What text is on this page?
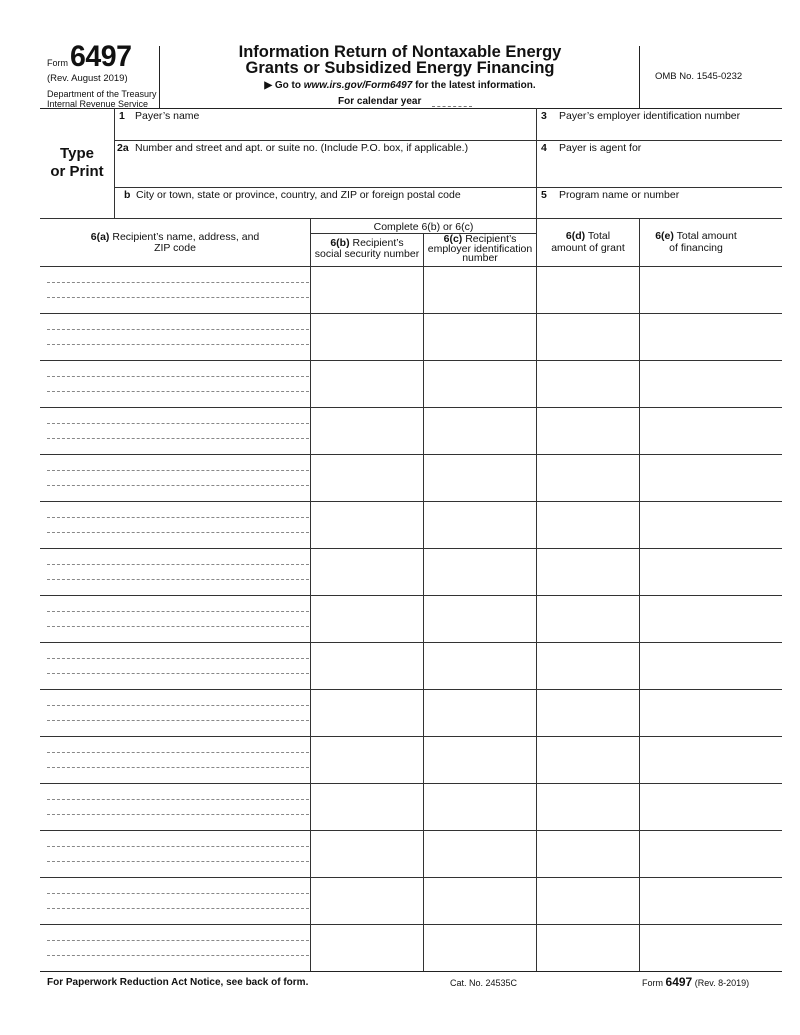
Form 6497
(Rev. August 2019)
Department of the Treasury
Internal Revenue Service
Information Return of Nontaxable Energy
Grants or Subsidized Energy Financing
▶ Go to www.irs.gov/Form6497 for the latest information.
For calendar year
OMB No. 1545-0232
Type
or Print
1 Payer’s name
2a Number and street and apt. or suite no. (Include P.O. box, if applicable.)
b City or town, state or province, country, and ZIP or foreign postal code
3 Payer’s employer identification number
4 Payer is agent for
5 Program name or number
6(a) Recipient’s name, address, and
ZIP code
Complete 6(b) or 6(c)
6(b) Recipient’s
social security number
6(c) Recipient’s
employer identification
number
6(d) Total
amount of grant
6(e) Total amount
of financing
For Paperwork Reduction Act Notice, see back of form.	Cat. No. 24535C	Form 6497 (Rev. 8-2019)
